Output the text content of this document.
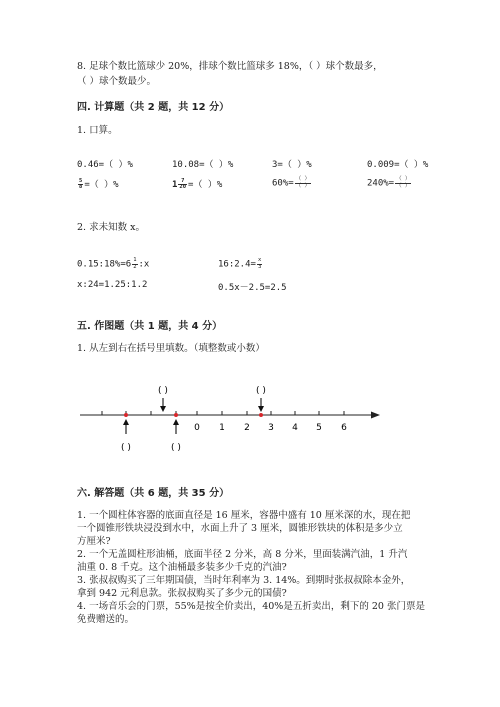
8. 足球个数比篮球少 20%，排球个数比篮球多 18%，（ ）球个数最多，
（ ）球个数最少。
四. 计算题（共 2 题，共 12 分）
1. 口算。
0.46=（ ）%	10.08=（ ）%	3=（ ）%	0.009=（ ）%
$\frac{5}{8}$ =（ ）%	$1 \frac{7}{20}$ =（ ）%	$60\%= \frac{( )}{( )}$	$240\%= \frac{( )}{( )}$
2. 求未知数 x。
0.15:18%=6 $\frac{1}{2}$ :x	16:2.4= $\frac{x}{3}$
x:24=1.25:1.2	0.5x－2.5=2.5
五. 作图题（共 1 题，共 4 分）
1. 从左到右在括号里填数。（填整数或小数）
0 1 2 3 4 5 6
( )	( )
( )	( )
六. 解答题（共 6 题，共 35 分）
1. 一个圆柱体容器的底面直径是 16 厘米，容器中盛有 10 厘米深的水，现在把
一个圆锥形铁块浸没到水中，水面上升了 3 厘米，圆锥形铁块的体积是多少立
方厘米?
2. 一个无盖圆柱形油桶，底面半径 2 分米，高 8 分米，里面装满汽油，1 升汽
油重 0. 8 千克。这个油桶最多装多少千克的汽油?
3. 张叔叔购买了三年期国债，当时年利率为 3. 14%。到期时张叔叔除本金外，
拿到 942 元利息款。张叔叔购买了多少元的国债?
4. 一场音乐会的门票，55%是按全价卖出，40%是五折卖出，剩下的 20 张门票是
免费赠送的。
